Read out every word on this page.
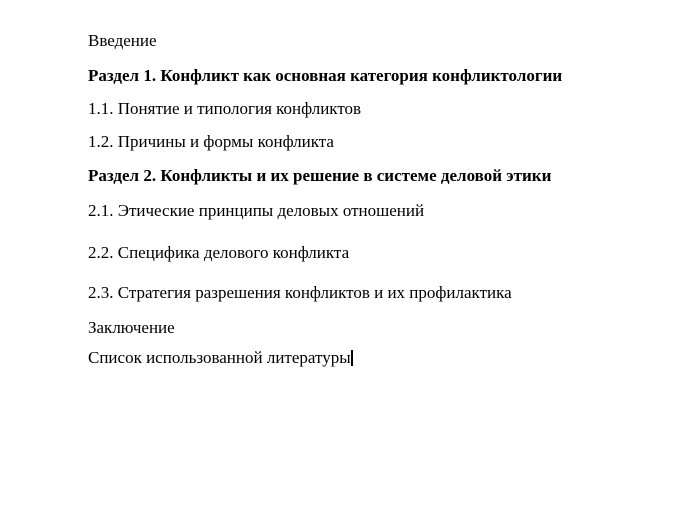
Введение

Раздел 1. Конфликт как основная категория конфликтологии

1.1. Понятие и типология конфликтов

1.2. Причины и формы конфликта

Раздел 2. Конфликты и их решение в системе деловой этики

2.1. Этические принципы деловых отношений

2.2. Специфика делового конфликта

2.3. Стратегия разрешения конфликтов и их профилактика

Заключение

Список использованной литературы
